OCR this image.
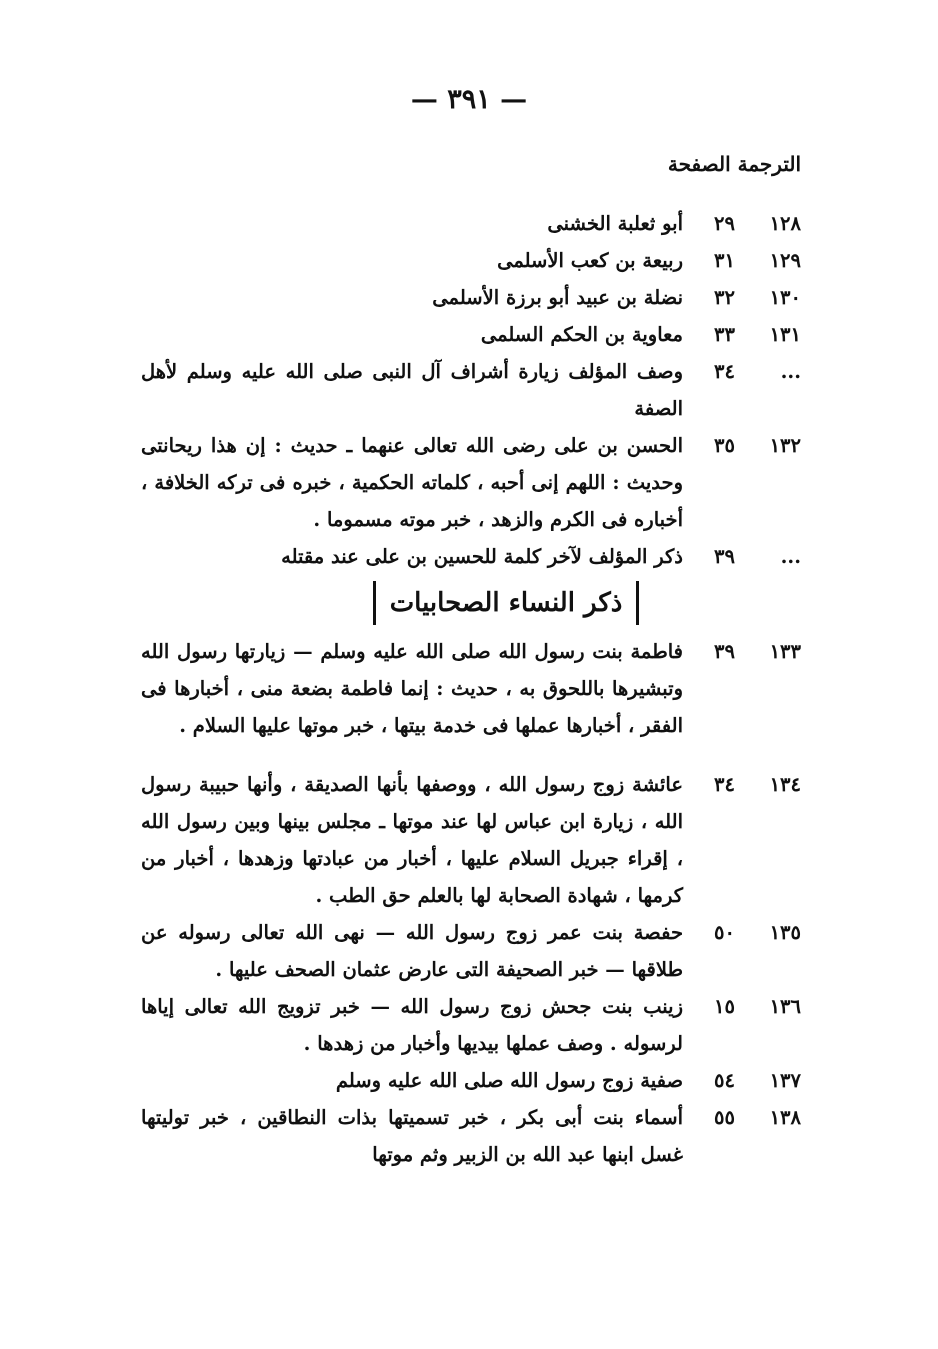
— ٣٩١ —
الترجمة الصفحة
١٢٨
٢٩
أبو ثعلبة الخشنى
١٢٩
٣١
ربيعة بن كعب الأسلمى
١٣٠
٣٢
نضلة بن عبيد أبو برزة الأسلمى
١٣١
٣٣
معاوية بن الحكم السلمى
...
٣٤
وصف المؤلف زيارة أشراف آل النبى صلى الله عليه وسلم لأهل الصفة
١٣٢
٣٥
الحسن بن على رضى الله تعالى عنهما ـ حديث : إن هذا ريحانتى وحديث : اللهم إنى أحبه ، كلماته الحكمية ، خبره فى تركه الخلافة ، أخباره فى الكرم والزهد ، خبر موته مسموما .
...
٣٩
ذكر المؤلف لآخر كلمة للحسين بن على عند مقتله
ذكر النساء الصحابيات
١٣٣
٣٩
فاطمة بنت رسول الله صلى الله عليه وسلم — زيارتها رسول الله وتبشيرها باللحوق به ، حديث : إنما فاطمة بضعة منى ، أخبارها فى الفقر ، أخبارها عملها فى خدمة بيتها ، خبر موتها عليها السلام .
١٣٤
٣٤
عائشة زوج رسول الله ، ووصفها بأنها الصديقة ، وأنها حبيبة رسول الله ، زيارة ابن عباس لها عند موتها ـ مجلس بينها وبين رسول الله ، إقراء جبريل السلام عليها ، أخبار من عبادتها وزهدها ، أخبار من كرمها ، شهادة الصحابة لها بالعلم حق الطب .
١٣٥
٥٠
حفصة بنت عمر زوج رسول الله — نهى الله تعالى رسوله عن طلاقها — خبر الصحيفة التى عارض عثمان الصحف عليها .
١٣٦
١٥
زينب بنت جحش زوج رسول الله — خبر تزويج الله تعالى إياها لرسوله . وصف عملها بيديها وأخبار من زهدها .
١٣٧
٥٤
صفية زوج رسول الله صلى الله عليه وسلم
١٣٨
٥٥
أسماء بنت أبى بكر ، خبر تسميتها بذات النطاقين ، خبر توليتها غسل ابنها عبد الله بن الزبير وثم موتها
